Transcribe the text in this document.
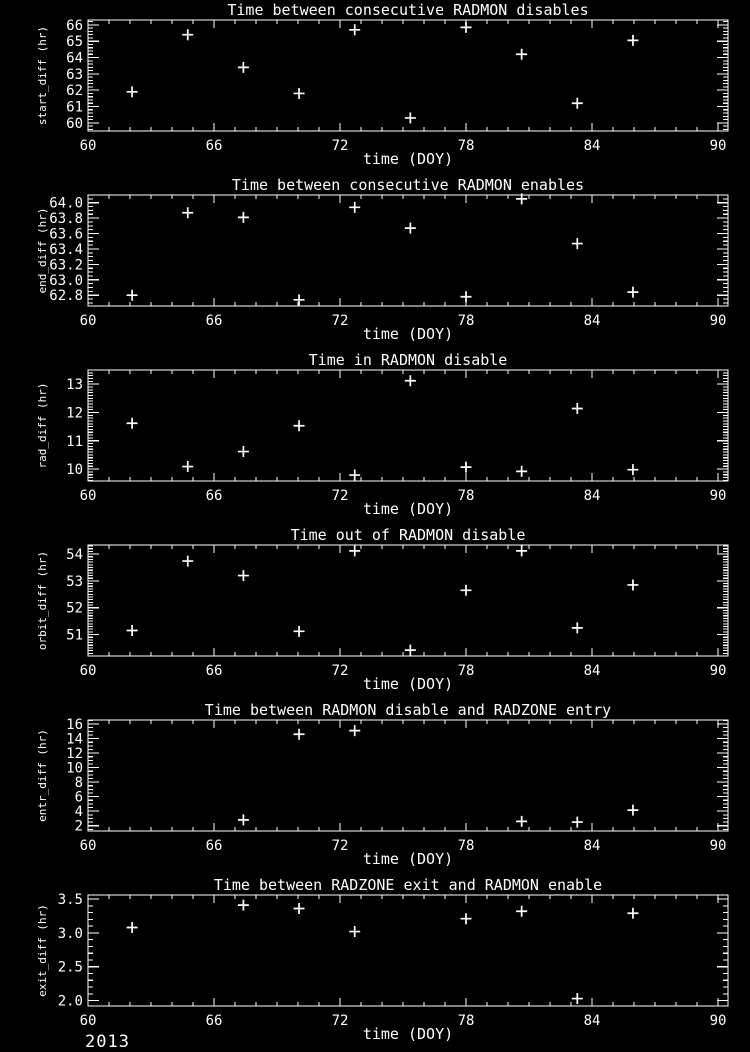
60	66	72	78	84	90
60
61
62
63
64
65
66
Time between consecutive RADMON disables
time (DOY)
start_diff (hr)
60	66	72	78	84	90
62.8
63.0
63.2
63.4
63.6
63.8
64.0
Time between consecutive RADMON enables
time (DOY)
end_diff (hr)
60	66	72	78	84	90
10
11
12
13
Time in RADMON disable
time (DOY)
rad_diff (hr)
60	66	72	78	84	90
51
52
53
54
Time out of RADMON disable
time (DOY)
orbit_diff (hr)
60	66	72	78	84	90
2
4
6
8
10
12
14
16
Time between RADMON disable and RADZONE entry
time (DOY)
entr_diff (hr)
60	66	72	78	84	90
2.0
2.5
3.0
3.5
Time between RADZONE exit and RADMON enable
time (DOY)
exit_diff (hr)
2013
